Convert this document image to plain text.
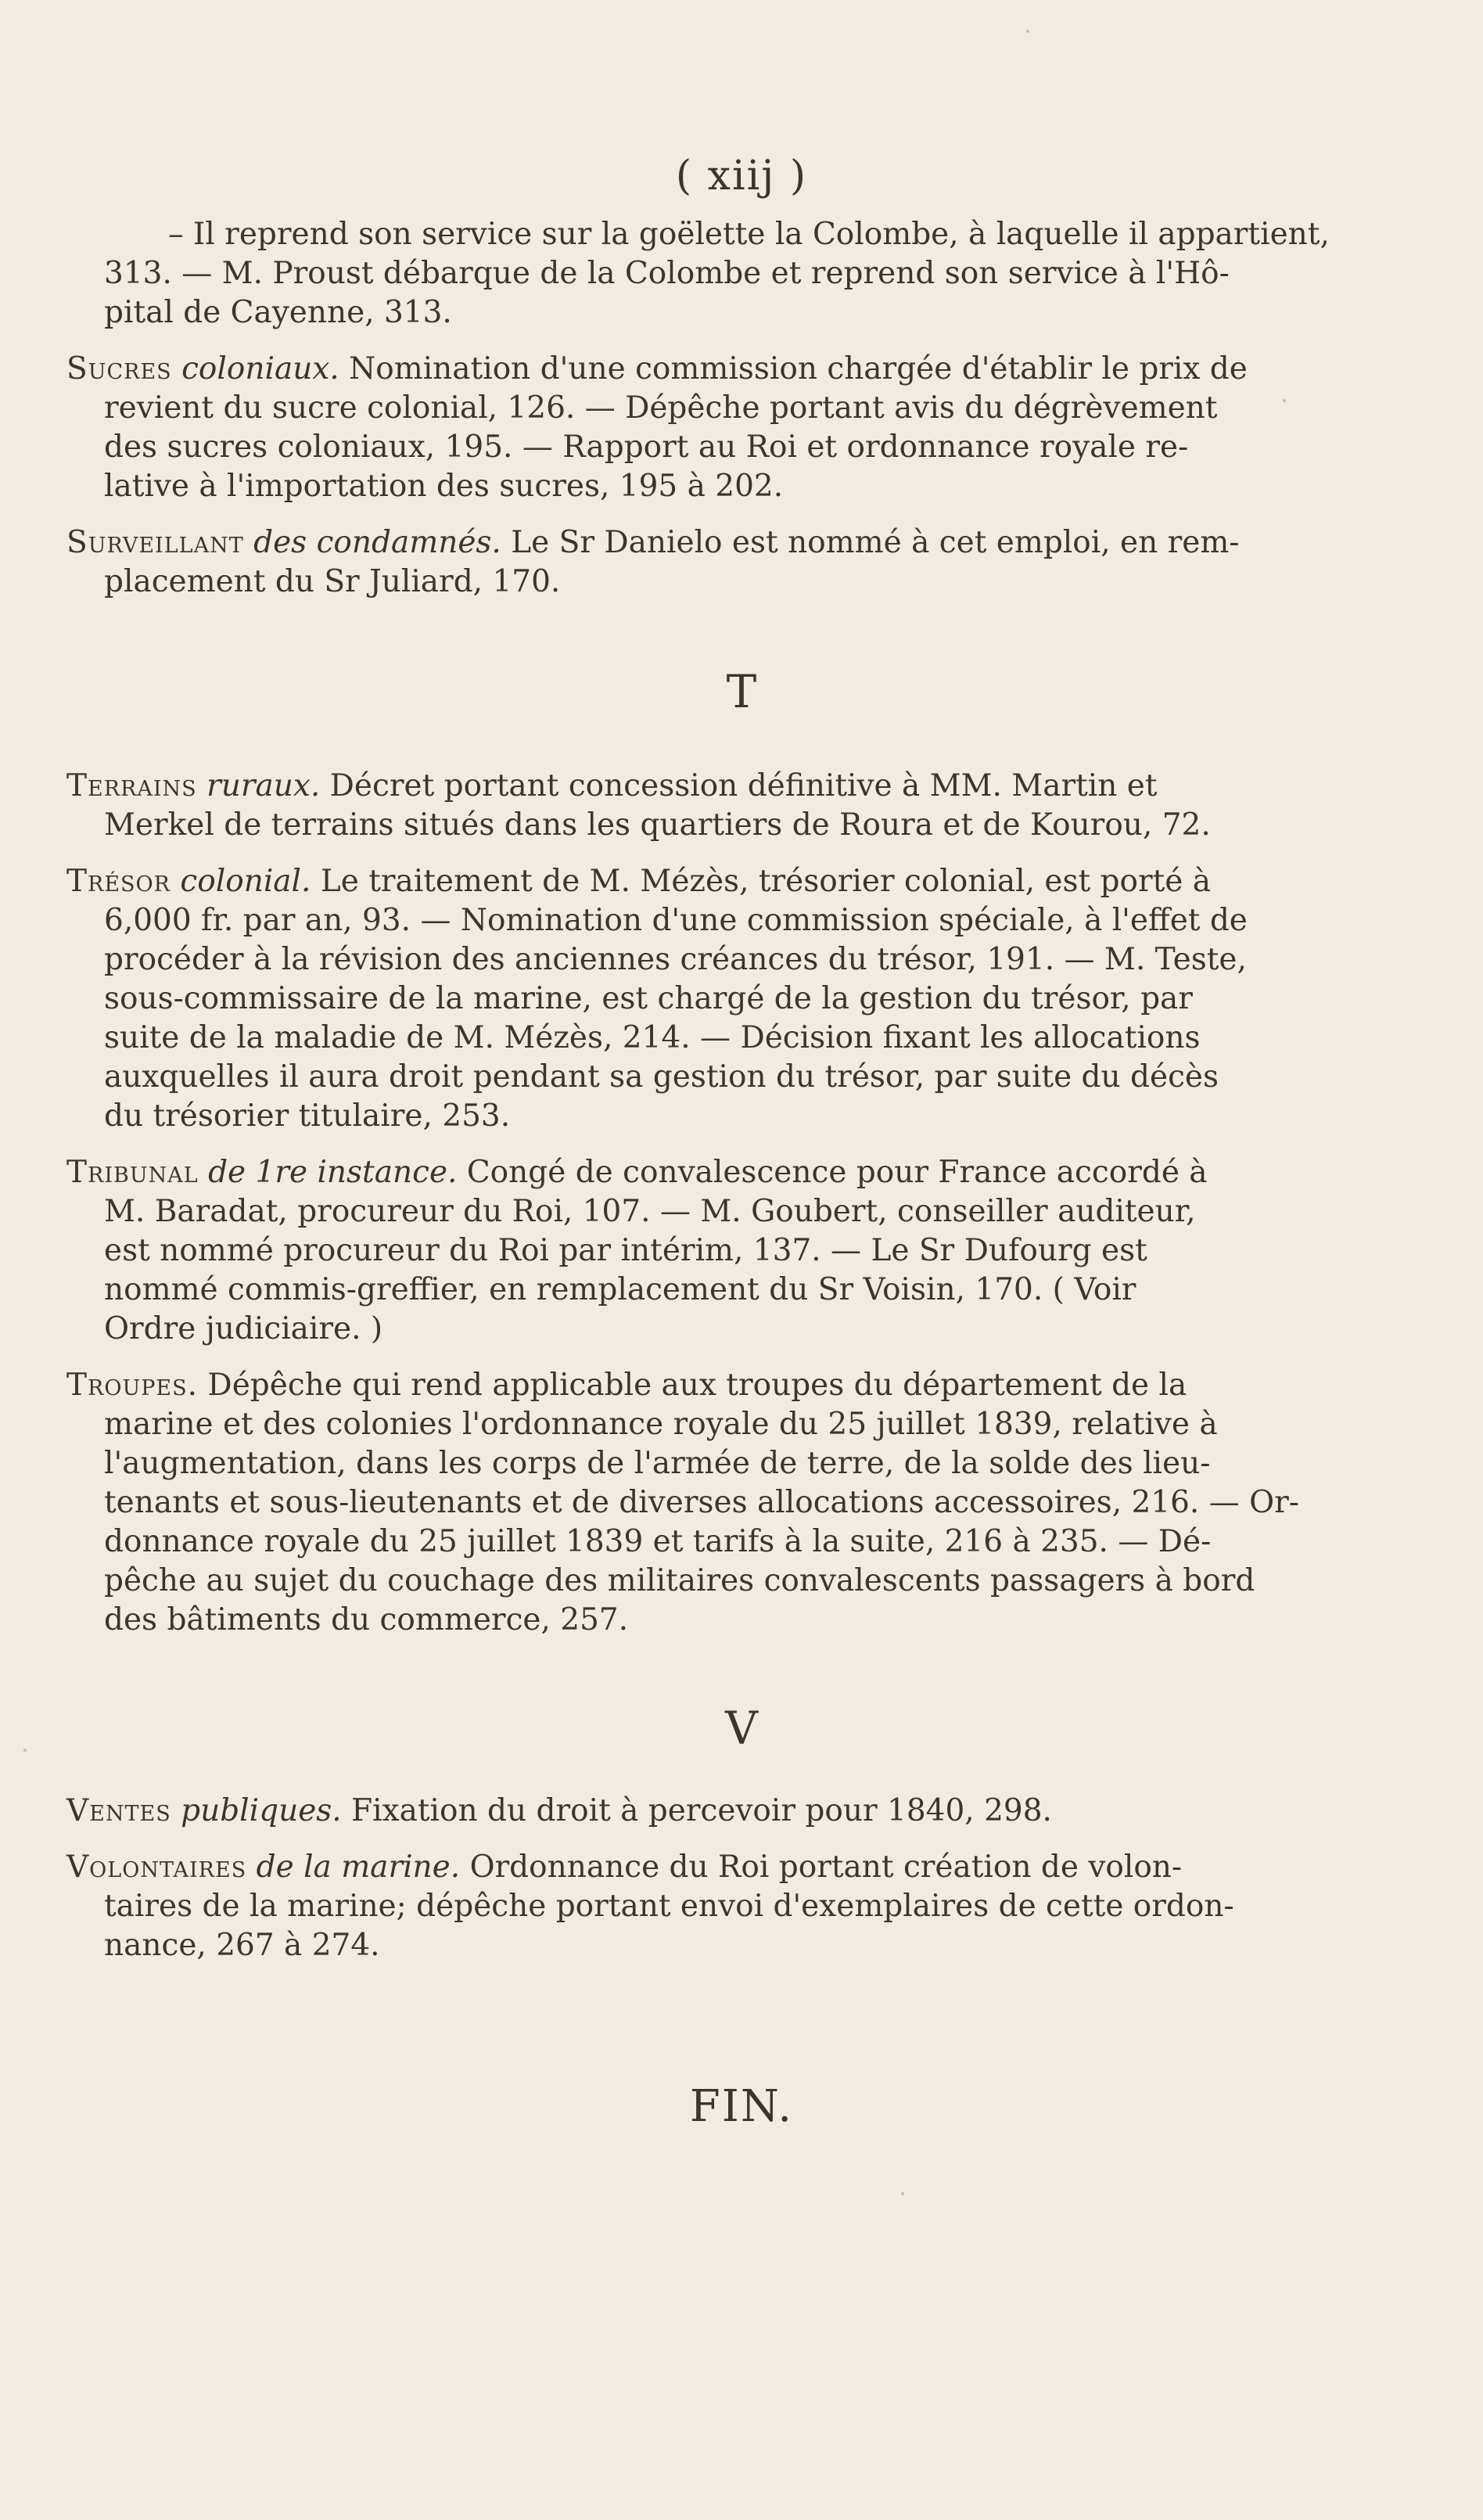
( xiij )
– Il reprend son service sur la goëlette la Colombe, à laquelle il appartient,
313. — M. Proust débarque de la Colombe et reprend son service à l'Hô-
pital de Cayenne, 313.
Sucres coloniaux. Nomination d'une commission chargée d'établir le prix de
revient du sucre colonial, 126. — Dépêche portant avis du dégrèvement
des sucres coloniaux, 195. — Rapport au Roi et ordonnance royale re-
lative à l'importation des sucres, 195 à 202.
Surveillant des condamnés. Le Sr Danielo est nommé à cet emploi, en rem-
placement du Sr Juliard, 170.
T
Terrains ruraux. Décret portant concession définitive à MM. Martin et
Merkel de terrains situés dans les quartiers de Roura et de Kourou, 72.
Trésor colonial. Le traitement de M. Mézès, trésorier colonial, est porté à
6,000 fr. par an, 93. — Nomination d'une commission spéciale, à l'effet de
procéder à la révision des anciennes créances du trésor, 191. — M. Teste,
sous-commissaire de la marine, est chargé de la gestion du trésor, par
suite de la maladie de M. Mézès, 214. — Décision fixant les allocations
auxquelles il aura droit pendant sa gestion du trésor, par suite du décès
du trésorier titulaire, 253.
Tribunal de 1re instance. Congé de convalescence pour France accordé à
M. Baradat, procureur du Roi, 107. — M. Goubert, conseiller auditeur,
est nommé procureur du Roi par intérim, 137. — Le Sr Dufourg est
nommé commis-greffier, en remplacement du Sr Voisin, 170. ( Voir
Ordre judiciaire. )
Troupes. Dépêche qui rend applicable aux troupes du département de la
marine et des colonies l'ordonnance royale du 25 juillet 1839, relative à
l'augmentation, dans les corps de l'armée de terre, de la solde des lieu-
tenants et sous-lieutenants et de diverses allocations accessoires, 216. — Or-
donnance royale du 25 juillet 1839 et tarifs à la suite, 216 à 235. — Dé-
pêche au sujet du couchage des militaires convalescents passagers à bord
des bâtiments du commerce, 257.
V
Ventes publiques. Fixation du droit à percevoir pour 1840, 298.
Volontaires de la marine. Ordonnance du Roi portant création de volon-
taires de la marine; dépêche portant envoi d'exemplaires de cette ordon-
nance, 267 à 274.
FIN.
